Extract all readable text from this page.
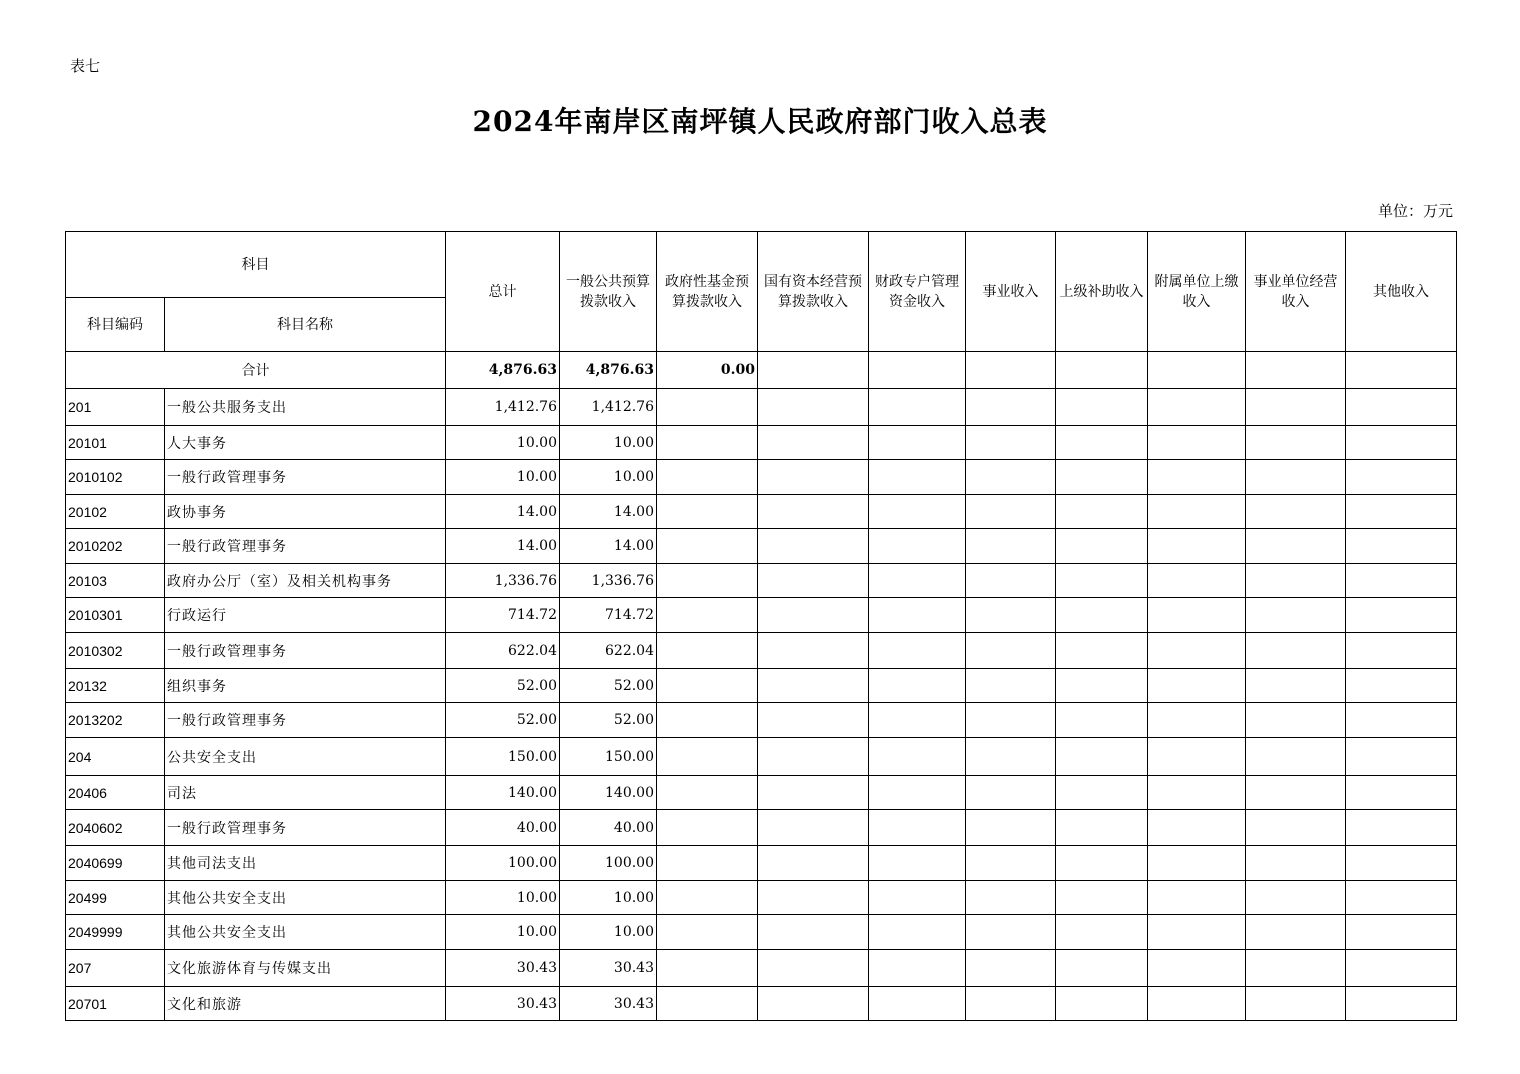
表七
2024年南岸区南坪镇人民政府部门收入总表
单位：万元
科目		总计	一般公共预算拨款收入	政府性基金预算拨款收入	国有资本经营预算拨款收入	财政专户管理资金收入	事业收入	上级补助收入	附属单位上缴收入	事业单位经营收入	其他收入
科目编码	科目名称										
合计		4,876.63	4,876.63	0.00							
201	一般公共服务支出	1,412.76	1,412.76								
20101	人大事务	10.00	10.00								
2010102	一般行政管理事务	10.00	10.00								
20102	政协事务	14.00	14.00								
2010202	一般行政管理事务	14.00	14.00								
20103	政府办公厅（室）及相关机构事务	1,336.76	1,336.76								
2010301	行政运行	714.72	714.72								
2010302	一般行政管理事务	622.04	622.04								
20132	组织事务	52.00	52.00								
2013202	一般行政管理事务	52.00	52.00								
204	公共安全支出	150.00	150.00								
20406	司法	140.00	140.00								
2040602	一般行政管理事务	40.00	40.00								
2040699	其他司法支出	100.00	100.00								
20499	其他公共安全支出	10.00	10.00								
2049999	其他公共安全支出	10.00	10.00								
207	文化旅游体育与传媒支出	30.43	30.43								
20701	文化和旅游	30.43	30.43								
